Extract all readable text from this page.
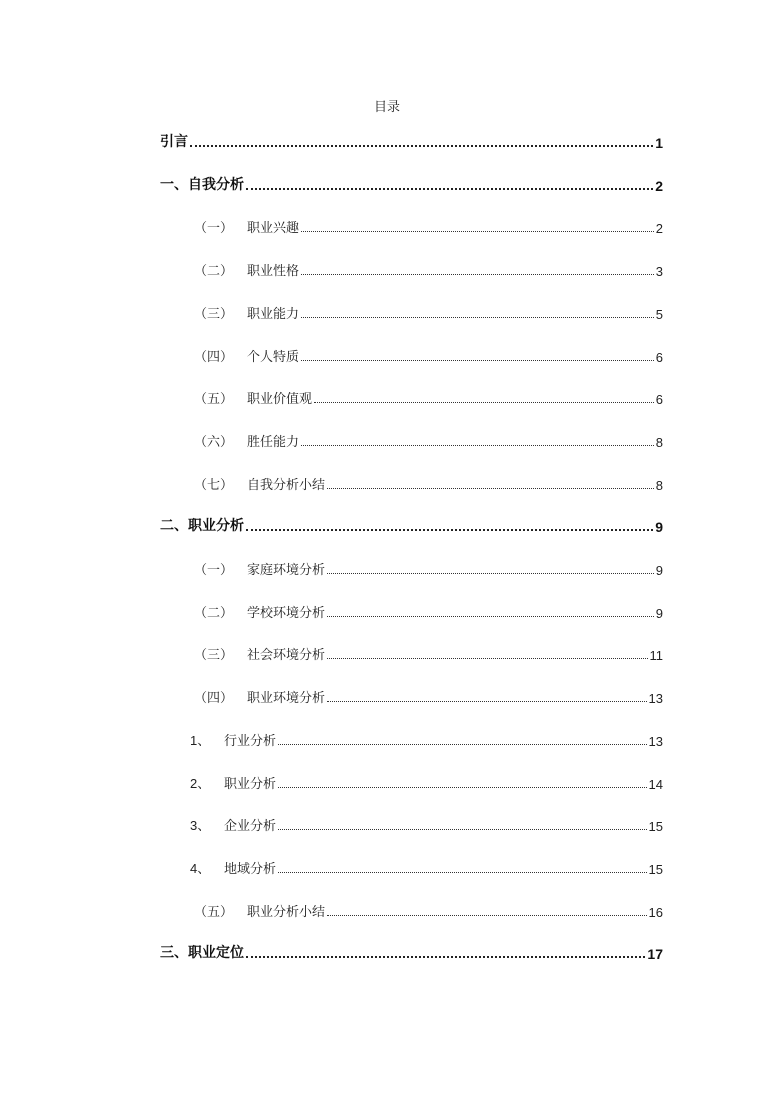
目录
引言	1
一、自我分析	2
（一）	职业兴趣	2
（二）	职业性格	3
（三）	职业能力	5
（四）	个人特质	6
（五）	职业价值观	6
（六）	胜任能力	8
（七）	自我分析小结	8
二、职业分析	9
（一）	家庭环境分析	9
（二）	学校环境分析	9
（三）	社会环境分析	11
（四）	职业环境分析	13
1、	行业分析	13
2、	职业分析	14
3、	企业分析	15
4、	地域分析	15
（五）	职业分析小结	16
三、职业定位	17
